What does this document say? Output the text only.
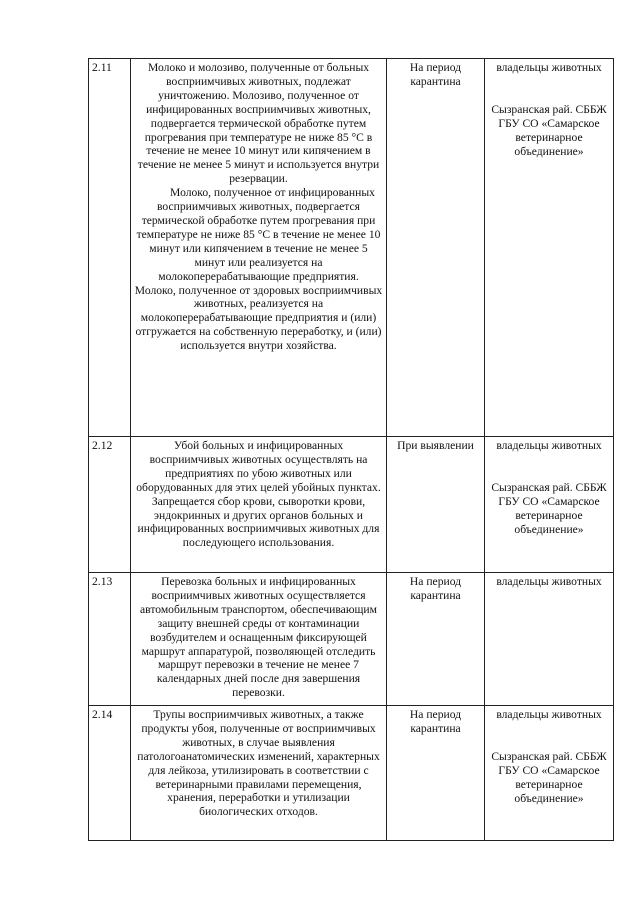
2.11	Молоко и молозиво, полученные от больных восприимчивых животных, подлежат уничтожению. Молозиво, полученное от инфицированных восприимчивых животных, подвергается термической обработке путем прогревания при температуре не ниже 85 °С в течение не менее 10 минут или кипячением в течение не менее 5 минут и используется внутри резервации.
Молоко, полученное от инфицированных восприимчивых животных, подвергается термической обработке путем прогревания при температуре не ниже 85 °С в течение не менее 10 минут или кипячением в течение не менее 5 минут или реализуется на молокоперерабатывающие предприятия.
Молоко, полученное от здоровых восприимчивых животных, реализуется на молокоперерабатывающие предприятия и (или) отгружается на собственную переработку, и (или) используется внутри хозяйства.	На период карантина	владельцы животных
Сызранская рай. СББЖ ГБУ СО «Самарское ветеринарное объединение»

2.12	Убой больных и инфицированных восприимчивых животных осуществлять на предприятиях по убою животных или оборудованных для этих целей убойных пунктах. Запрещается сбор крови, сыворотки крови, эндокринных и других органов больных и инфицированных восприимчивых животных для последующего использования.	При выявлении	владельцы животных
Сызранская рай. СББЖ ГБУ СО «Самарское ветеринарное объединение»

2.13	Перевозка больных и инфицированных восприимчивых животных осуществляется автомобильным транспортом, обеспечивающим защиту внешней среды от контаминации возбудителем и оснащенным фиксирующей маршрут аппаратурой, позволяющей отследить маршрут перевозки в течение не менее 7 календарных дней после дня завершения перевозки.	На период карантина	владельцы животных

2.14	Трупы восприимчивых животных, а также продукты убоя, полученные от восприимчивых животных, в случае выявления патологоанатомических изменений, характерных для лейкоза, утилизировать в соответствии с ветеринарными правилами перемещения, хранения, переработки и утилизации биологических отходов.	На период карантина	владельцы животных
Сызранская рай. СББЖ ГБУ СО «Самарское ветеринарное объединение»
